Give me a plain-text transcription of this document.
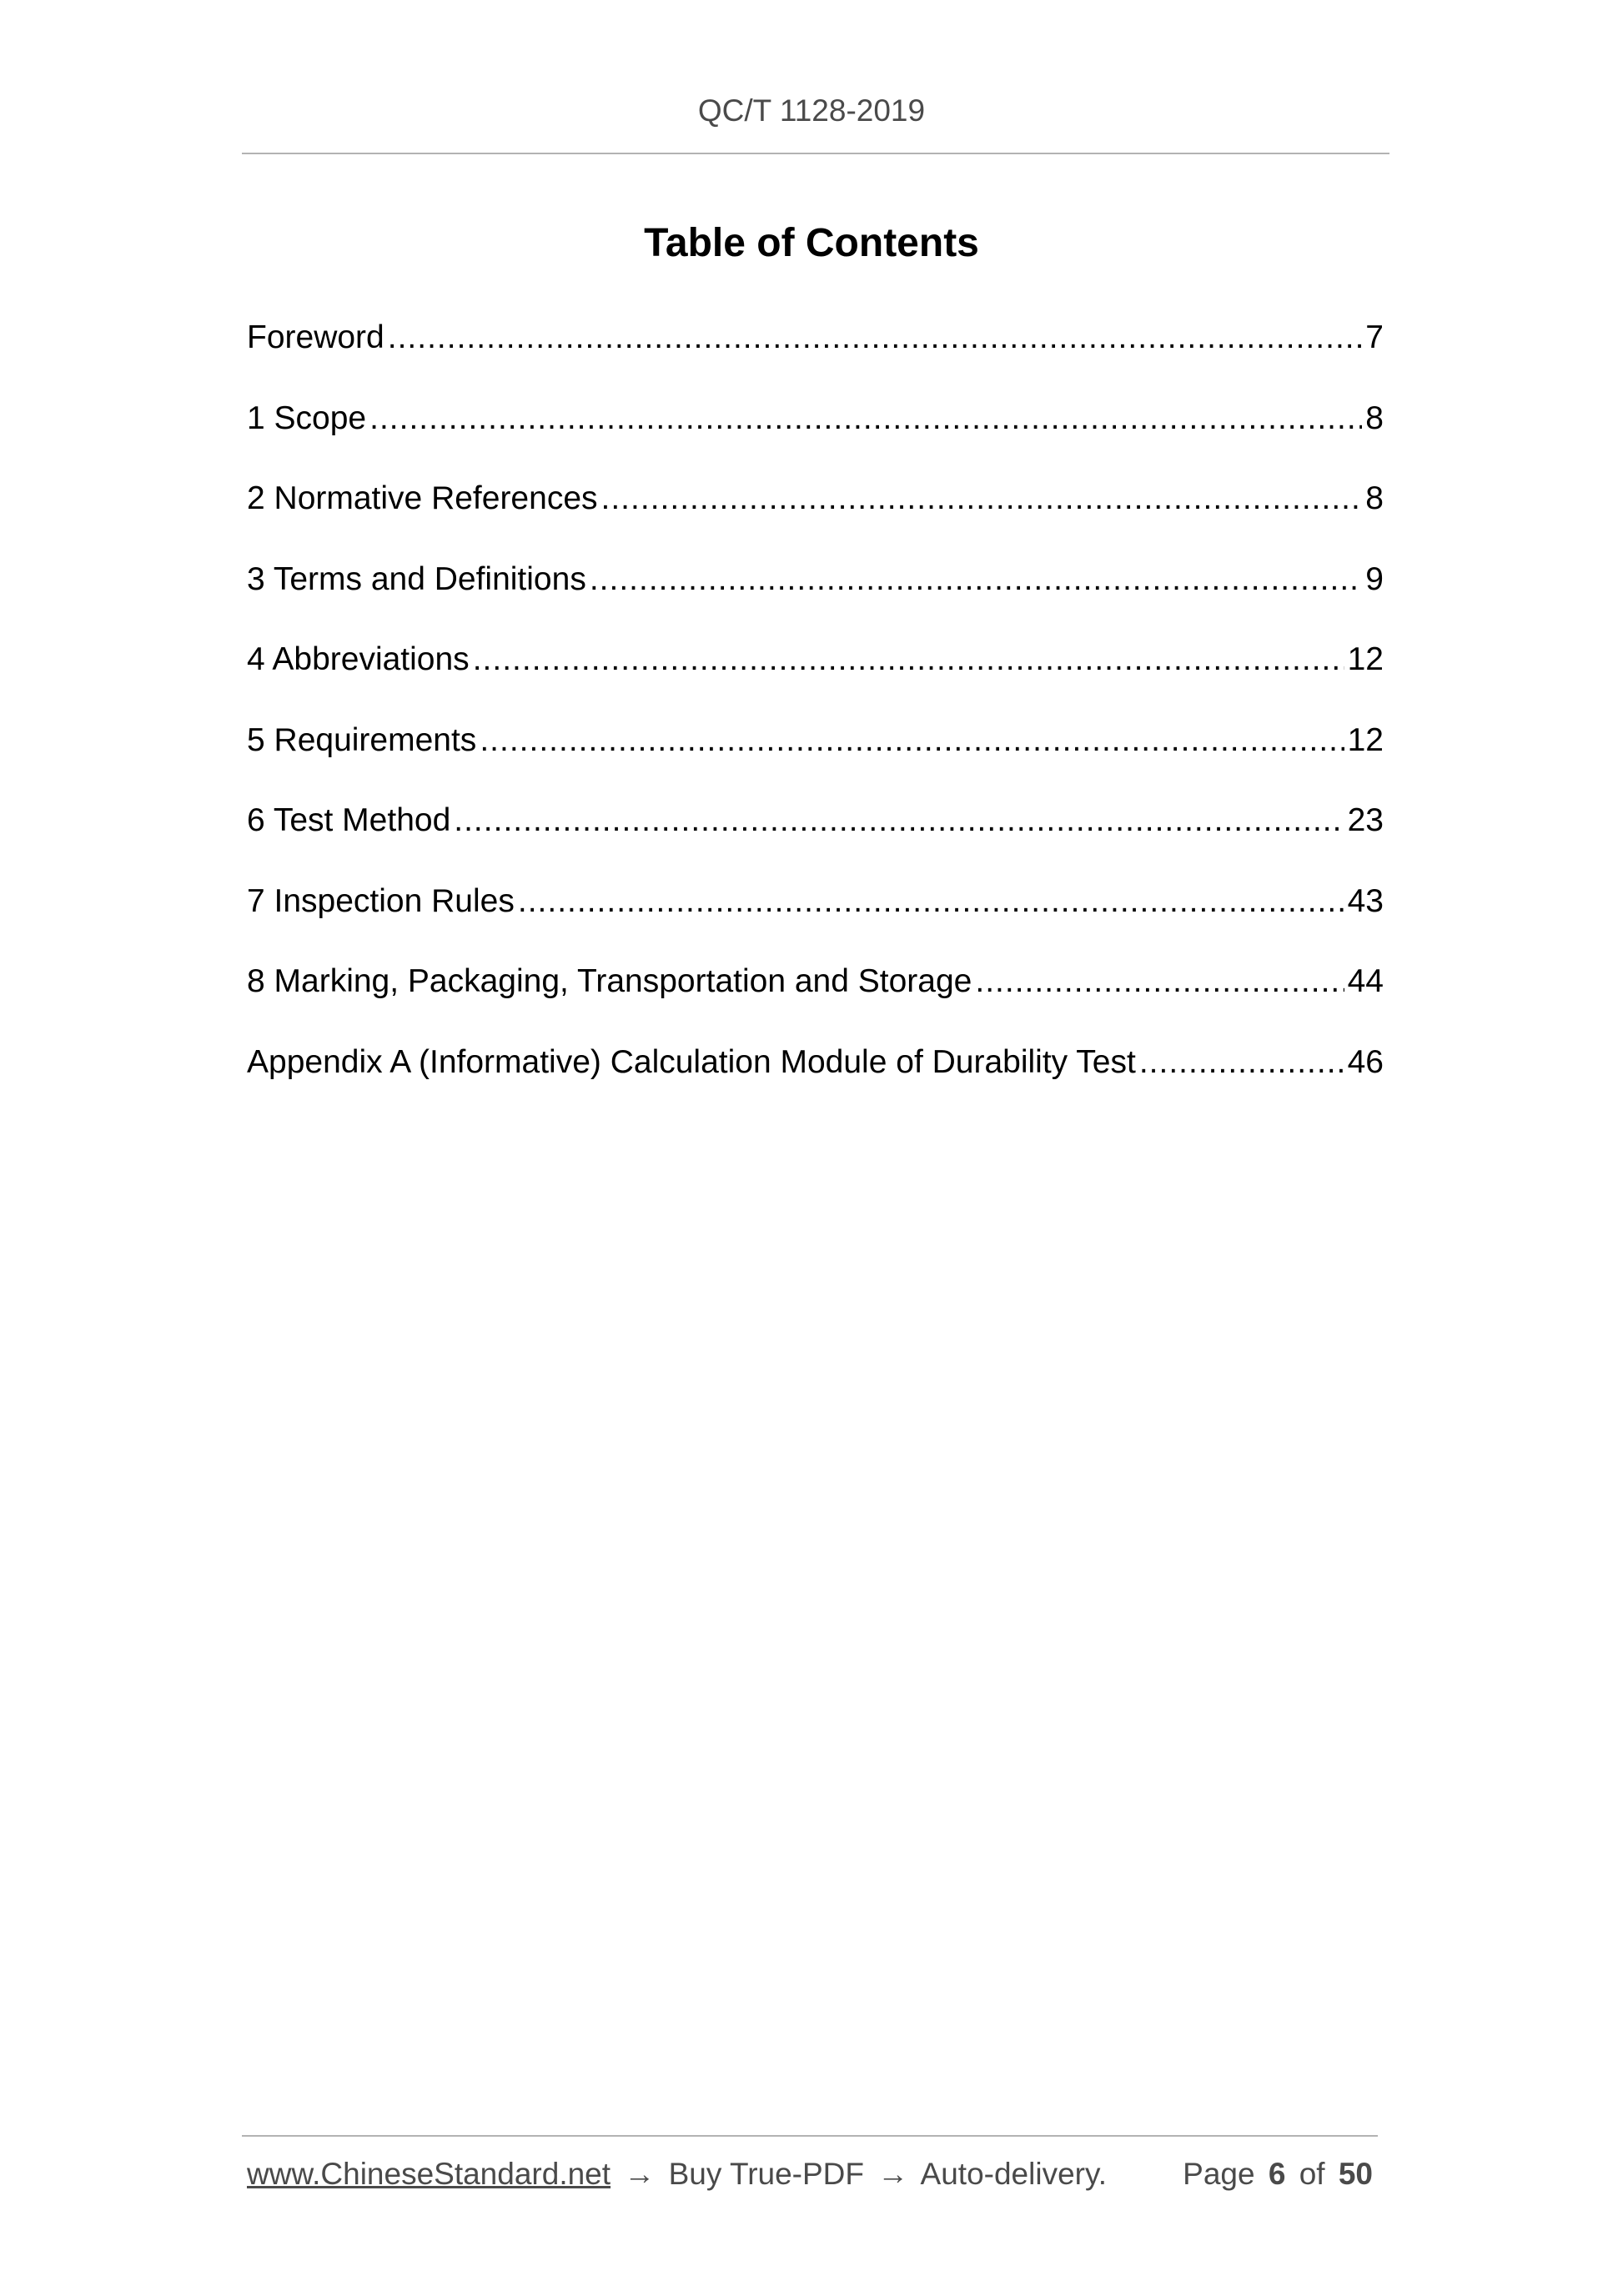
QC/T 1128-2019
Table of Contents
Foreword .....	7
1 Scope .....	8
2 Normative References .....	8
3 Terms and Definitions .....	9
4 Abbreviations .....	12
5 Requirements .....	12
6 Test Method .....	23
7 Inspection Rules .....	43
8 Marking, Packaging, Transportation and Storage .....	44
Appendix A (Informative) Calculation Module of Durability Test .....	46
www.ChineseStandard.net → Buy True-PDF → Auto-delivery. Page 6 of 50
